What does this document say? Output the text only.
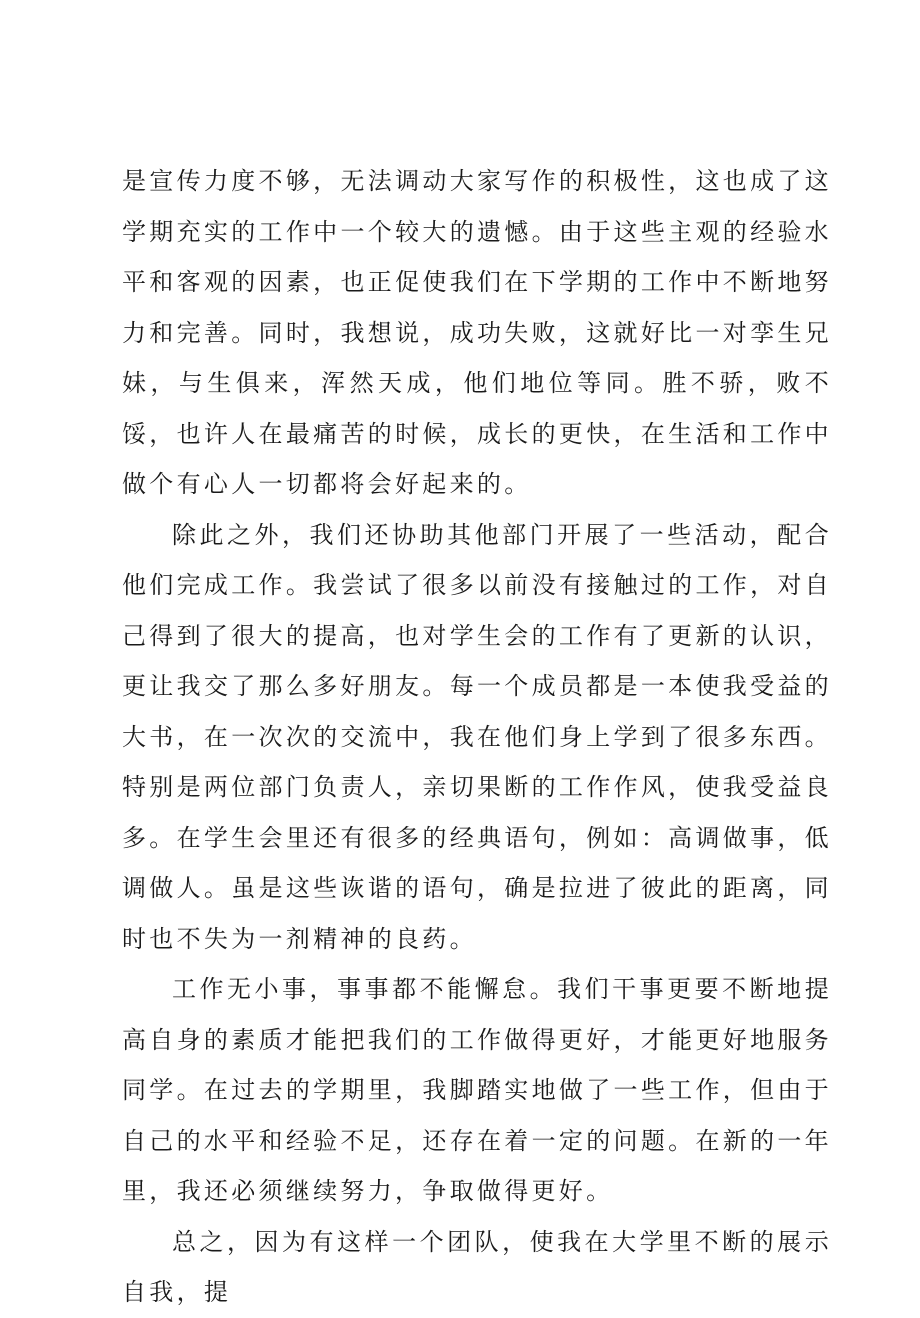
是宣传力度不够，无法调动大家写作的积极性，这也成了这学期充实的工作中一个较大的遗憾。由于这些主观的经验水平和客观的因素，也正促使我们在下学期的工作中不断地努力和完善。同时，我想说，成功失败，这就好比一对孪生兄妹，与生俱来，浑然天成，他们地位等同。胜不骄，败不馁，也许人在最痛苦的时候，成长的更快，在生活和工作中做个有心人一切都将会好起来的。

除此之外，我们还协助其他部门开展了一些活动，配合他们完成工作。我尝试了很多以前没有接触过的工作，对自己得到了很大的提高，也对学生会的工作有了更新的认识，更让我交了那么多好朋友。每一个成员都是一本使我受益的大书，在一次次的交流中，我在他们身上学到了很多东西。特别是两位部门负责人，亲切果断的工作作风，使我受益良多。在学生会里还有很多的经典语句，例如：高调做事，低调做人。虽是这些诙谐的语句，确是拉进了彼此的距离，同时也不失为一剂精神的良药。

工作无小事，事事都不能懈怠。我们干事更要不断地提高自身的素质才能把我们的工作做得更好，才能更好地服务同学。在过去的学期里，我脚踏实地做了一些工作，但由于自己的水平和经验不足，还存在着一定的问题。在新的一年里，我还必须继续努力，争取做得更好。

总之，因为有这样一个团队，使我在大学里不断的展示自我，提
